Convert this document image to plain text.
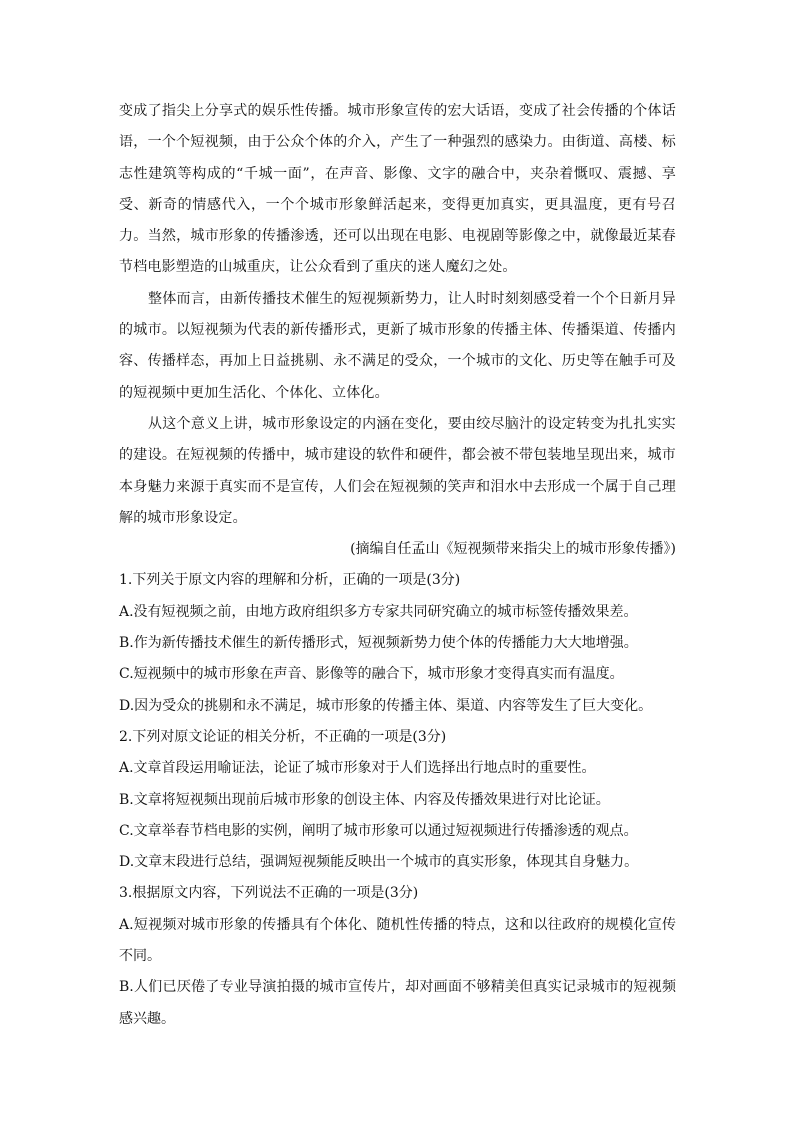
变成了指尖上分享式的娱乐性传播。城市形象宣传的宏大话语，变成了社会传播的个体话语，一个个短视频，由于公众个体的介入，产生了一种强烈的感染力。由街道、高楼、标志性建筑等构成的“千城一面”，在声音、影像、文字的融合中，夹杂着慨叹、震撼、享受、新奇的情感代入，一个个城市形象鲜活起来，变得更加真实，更具温度，更有号召力。当然，城市形象的传播渗透，还可以出现在电影、电视剧等影像之中，就像最近某春节档电影塑造的山城重庆，让公众看到了重庆的迷人魔幻之处。

整体而言，由新传播技术催生的短视频新势力，让人时时刻刻感受着一个个日新月异的城市。以短视频为代表的新传播形式，更新了城市形象的传播主体、传播渠道、传播内容、传播样态，再加上日益挑剔、永不满足的受众，一个城市的文化、历史等在触手可及的短视频中更加生活化、个体化、立体化。

从这个意义上讲，城市形象设定的内涵在变化，要由绞尽脑汁的设定转变为扎扎实实的建设。在短视频的传播中，城市建设的软件和硬件，都会被不带包装地呈现出来，城市本身魅力来源于真实而不是宣传，人们会在短视频的笑声和泪水中去形成一个属于自己理解的城市形象设定。

(摘编自任孟山《短视频带来指尖上的城市形象传播》)

1.下列关于原文内容的理解和分析，正确的一项是(3分)

A.没有短视频之前，由地方政府组织多方专家共同研究确立的城市标签传播效果差。

B.作为新传播技术催生的新传播形式，短视频新势力使个体的传播能力大大地增强。

C.短视频中的城市形象在声音、影像等的融合下，城市形象才变得真实而有温度。

D.因为受众的挑剔和永不满足，城市形象的传播主体、渠道、内容等发生了巨大变化。

2.下列对原文论证的相关分析，不正确的一项是(3分)

A.文章首段运用喻证法，论证了城市形象对于人们选择出行地点时的重要性。

B.文章将短视频出现前后城市形象的创设主体、内容及传播效果进行对比论证。

C.文章举春节档电影的实例，阐明了城市形象可以通过短视频进行传播渗透的观点。

D.文章末段进行总结，强调短视频能反映出一个城市的真实形象，体现其自身魅力。

3.根据原文内容，下列说法不正确的一项是(3分)

A.短视频对城市形象的传播具有个体化、随机性传播的特点，这和以往政府的规模化宣传不同。

B.人们已厌倦了专业导演拍摄的城市宣传片，却对画面不够精美但真实记录城市的短视频感兴趣。
